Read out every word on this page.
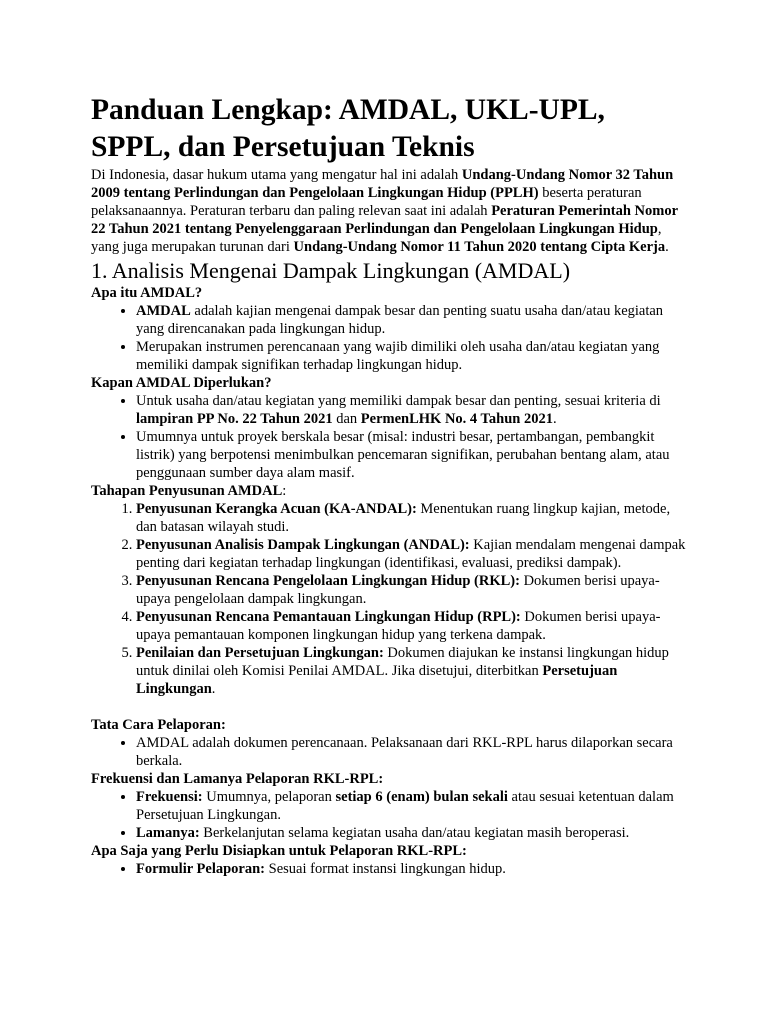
Panduan Lengkap: AMDAL, UKL-UPL, SPPL, dan Persetujuan Teknis

Di Indonesia, dasar hukum utama yang mengatur hal ini adalah Undang-Undang Nomor 32 Tahun 2009 tentang Perlindungan dan Pengelolaan Lingkungan Hidup (PPLH) beserta peraturan pelaksanaannya. Peraturan terbaru dan paling relevan saat ini adalah Peraturan Pemerintah Nomor 22 Tahun 2021 tentang Penyelenggaraan Perlindungan dan Pengelolaan Lingkungan Hidup, yang juga merupakan turunan dari Undang-Undang Nomor 11 Tahun 2020 tentang Cipta Kerja.

1. Analisis Mengenai Dampak Lingkungan (AMDAL)
Apa itu AMDAL?
• AMDAL adalah kajian mengenai dampak besar dan penting suatu usaha dan/atau kegiatan yang direncanakan pada lingkungan hidup.
• Merupakan instrumen perencanaan yang wajib dimiliki oleh usaha dan/atau kegiatan yang memiliki dampak signifikan terhadap lingkungan hidup.
Kapan AMDAL Diperlukan?
• Untuk usaha dan/atau kegiatan yang memiliki dampak besar dan penting, sesuai kriteria di lampiran PP No. 22 Tahun 2021 dan PermenLHK No. 4 Tahun 2021.
• Umumnya untuk proyek berskala besar (misal: industri besar, pertambangan, pembangkit listrik) yang berpotensi menimbulkan pencemaran signifikan, perubahan bentang alam, atau penggunaan sumber daya alam masif.
Tahapan Penyusunan AMDAL:
1. Penyusunan Kerangka Acuan (KA-ANDAL): Menentukan ruang lingkup kajian, metode, dan batasan wilayah studi.
2. Penyusunan Analisis Dampak Lingkungan (ANDAL): Kajian mendalam mengenai dampak penting dari kegiatan terhadap lingkungan (identifikasi, evaluasi, prediksi dampak).
3. Penyusunan Rencana Pengelolaan Lingkungan Hidup (RKL): Dokumen berisi upaya-upaya pengelolaan dampak lingkungan.
4. Penyusunan Rencana Pemantauan Lingkungan Hidup (RPL): Dokumen berisi upaya-upaya pemantauan komponen lingkungan hidup yang terkena dampak.
5. Penilaian dan Persetujuan Lingkungan: Dokumen diajukan ke instansi lingkungan hidup untuk dinilai oleh Komisi Penilai AMDAL. Jika disetujui, diterbitkan Persetujuan Lingkungan.
Tata Cara Pelaporan:
• AMDAL adalah dokumen perencanaan. Pelaksanaan dari RKL-RPL harus dilaporkan secara berkala.
Frekuensi dan Lamanya Pelaporan RKL-RPL:
• Frekuensi: Umumnya, pelaporan setiap 6 (enam) bulan sekali atau sesuai ketentuan dalam Persetujuan Lingkungan.
• Lamanya: Berkelanjutan selama kegiatan usaha dan/atau kegiatan masih beroperasi.
Apa Saja yang Perlu Disiapkan untuk Pelaporan RKL-RPL:
• Formulir Pelaporan: Sesuai format instansi lingkungan hidup.
